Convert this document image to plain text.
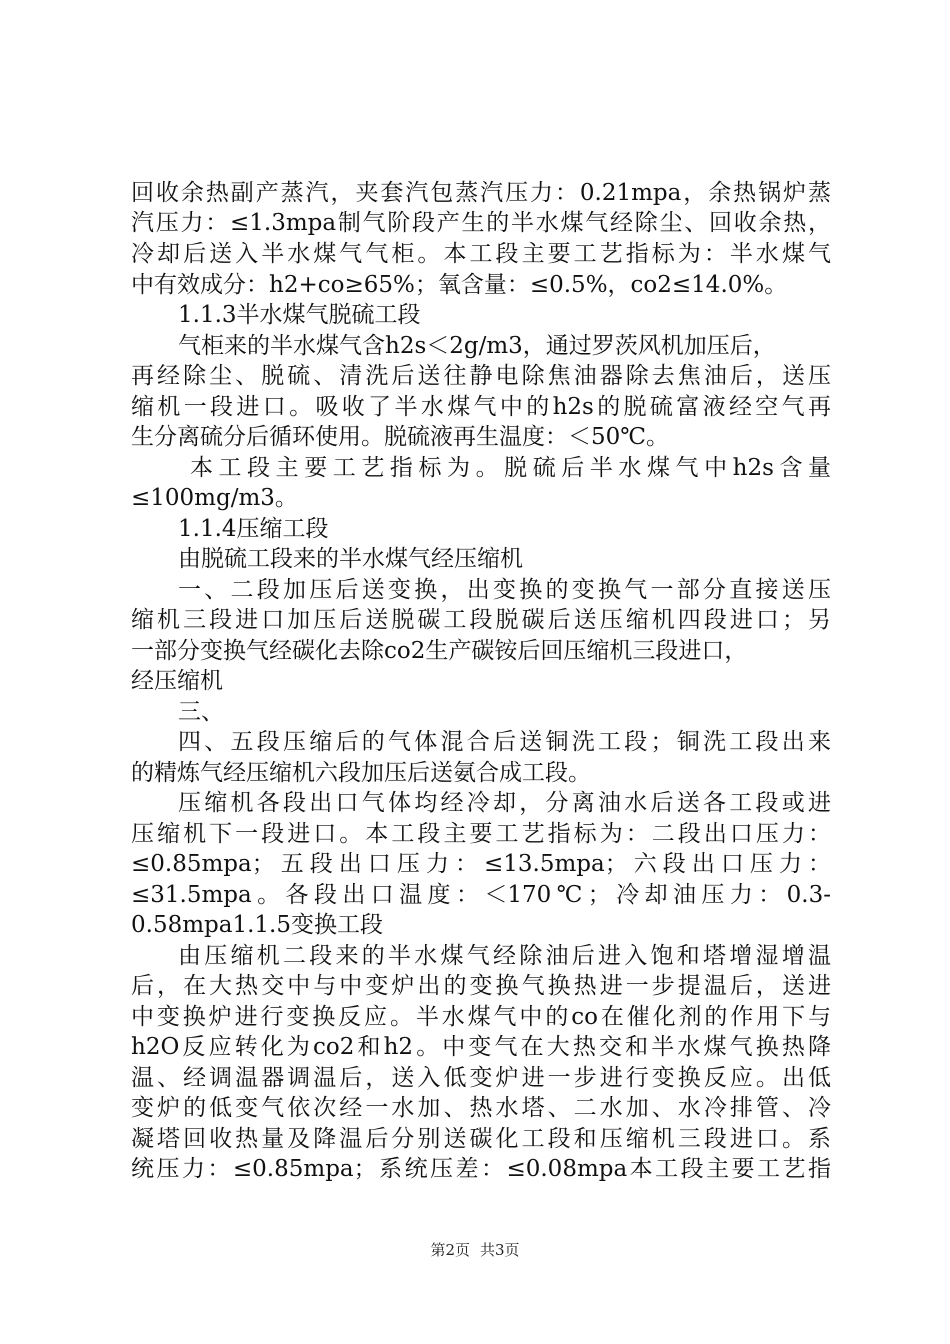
回收余热副产蒸汽，夹套汽包蒸汽压力：0.21mpa，余热锅炉蒸
汽压力：≤1.3mpa制气阶段产生的半水煤气经除尘、回收余热，
冷却后送入半水煤气气柜。本工段主要工艺指标为：半水煤气
中有效成分：h2+co≥65%；氧含量：≤0.5%，co2≤14.0%。
1.1.3半水煤气脱硫工段
气柜来的半水煤气含h2s＜2g/m3，通过罗茨风机加压后，
再经除尘、脱硫、清洗后送往静电除焦油器除去焦油后，送压
缩机一段进口。吸收了半水煤气中的h2s的脱硫富液经空气再
生分离硫分后循环使用。脱硫液再生温度：＜50℃。
本工段主要工艺指标为。脱硫后半水煤气中h2s含量
≤100mg/m3。
1.1.4压缩工段
由脱硫工段来的半水煤气经压缩机
一、二段加压后送变换，出变换的变换气一部分直接送压
缩机三段进口加压后送脱碳工段脱碳后送压缩机四段进口；另
一部分变换气经碳化去除co2生产碳铵后回压缩机三段进口，
经压缩机
三、
四、五段压缩后的气体混合后送铜洗工段；铜洗工段出来
的精炼气经压缩机六段加压后送氨合成工段。
压缩机各段出口气体均经冷却，分离油水后送各工段或进
压缩机下一段进口。本工段主要工艺指标为：二段出口压力：
≤0.85mpa；五段出口压力：≤13.5mpa；六段出口压力：
≤31.5mpa。各段出口温度：＜170℃；冷却油压力：0.3-
0.58mpa1.1.5变换工段
由压缩机二段来的半水煤气经除油后进入饱和塔增湿增温
后，在大热交中与中变炉出的变换气换热进一步提温后，送进
中变换炉进行变换反应。半水煤气中的co在催化剂的作用下与
h2O反应转化为co2和h2。中变气在大热交和半水煤气换热降
温、经调温器调温后，送入低变炉进一步进行变换反应。出低
变炉的低变气依次经一水加、热水塔、二水加、水冷排管、冷
凝塔回收热量及降温后分别送碳化工段和压缩机三段进口。系
统压力：≤0.85mpa；系统压差：≤0.08mpa本工段主要工艺指
第2页 共3页
